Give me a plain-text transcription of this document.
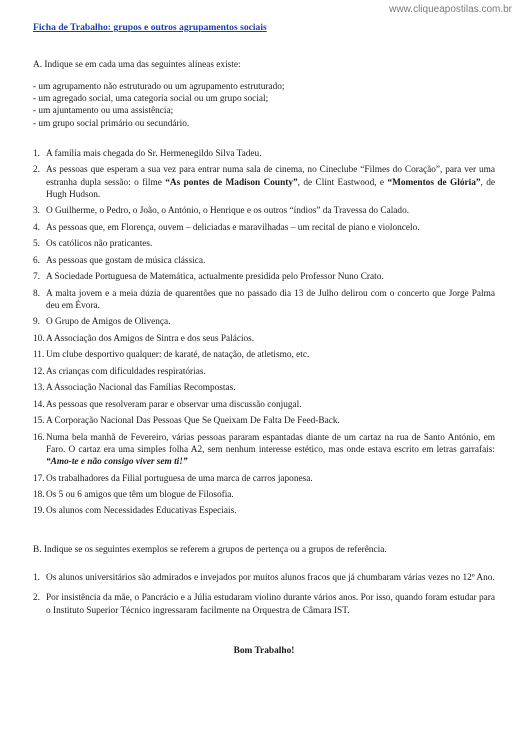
www.cliqueapostilas.com.br

Ficha de Trabalho: grupos e outros agrupamentos sociais

A. Indique se em cada uma das seguintes alíneas existe:

- um agrupamento não estruturado ou um agrupamento estruturado;
- um agregado social, uma categoria social ou um grupo social;
- um ajuntamento ou uma assistência;
- um grupo social primário ou secundário.
1. A família mais chegada do Sr. Hermenegildo Silva Tadeu.
2. As pessoas que esperam a sua vez para entrar numa sala de cinema, no Cineclube “Filmes do Coração”, para ver uma estranha dupla sessão: o filme “As pontes de Madison County”, de Clint Eastwood, e “Momentos de Glória”, de Hugh Hudson.
3. O Guilherme, o Pedro, o João, o António, o Henrique e os outros “índios” da Travessa do Calado.
4. As pessoas que, em Florença, ouvem – deliciadas e maravilhadas – um recital de piano e violoncelo.
5. Os católicos não praticantes.
6. As pessoas que gostam de música clássica.
7. A Sociedade Portuguesa de Matemática, actualmente presidida pelo Professor Nuno Crato.
8. A malta jovem e a meia dúzia de quarentões que no passado dia 13 de Julho delirou com o concerto que Jorge Palma deu em Évora.
9. O Grupo de Amigos de Olivença.
10. A Associação dos Amigos de Sintra e dos seus Palácios.
11. Um clube desportivo qualquer: de karaté, de natação, de atletismo, etc.
12. As crianças com dificuldades respiratórias.
13. A Associação Nacional das Famílias Recompostas.
14. As pessoas que resolveram parar e observar uma discussão conjugal.
15. A Corporação Nacional Das Pessoas Que Se Queixam De Falta De Feed-Back.
16. Numa bela manhã de Fevereiro, várias pessoas pararam espantadas diante de um cartaz na rua de Santo António, em Faro. O cartaz era uma simples folha A2, sem nenhum interesse estético, mas onde estava escrito em letras garrafais: “Amo-te e não consigo viver sem ti!”
17. Os trabalhadores da Filial portuguesa de uma marca de carros japonesa.
18. Os 5 ou 6 amigos que têm um blogue de Filosofia.
19. Os alunos com Necessidades Educativas Especiais.

B. Indique se os seguintes exemplos se referem a grupos de pertença ou a grupos de referência.

1. Os alunos universitários são admirados e invejados por muitos alunos fracos que já chumbaram várias vezes no 12º Ano.
2. Por insistência da mãe, o Pancrácio e a Júlia estudaram violino durante vários anos. Por isso, quando foram estudar para o Instituto Superior Técnico ingressaram facilmente na Orquestra de Câmara IST.

Bom Trabalho!
